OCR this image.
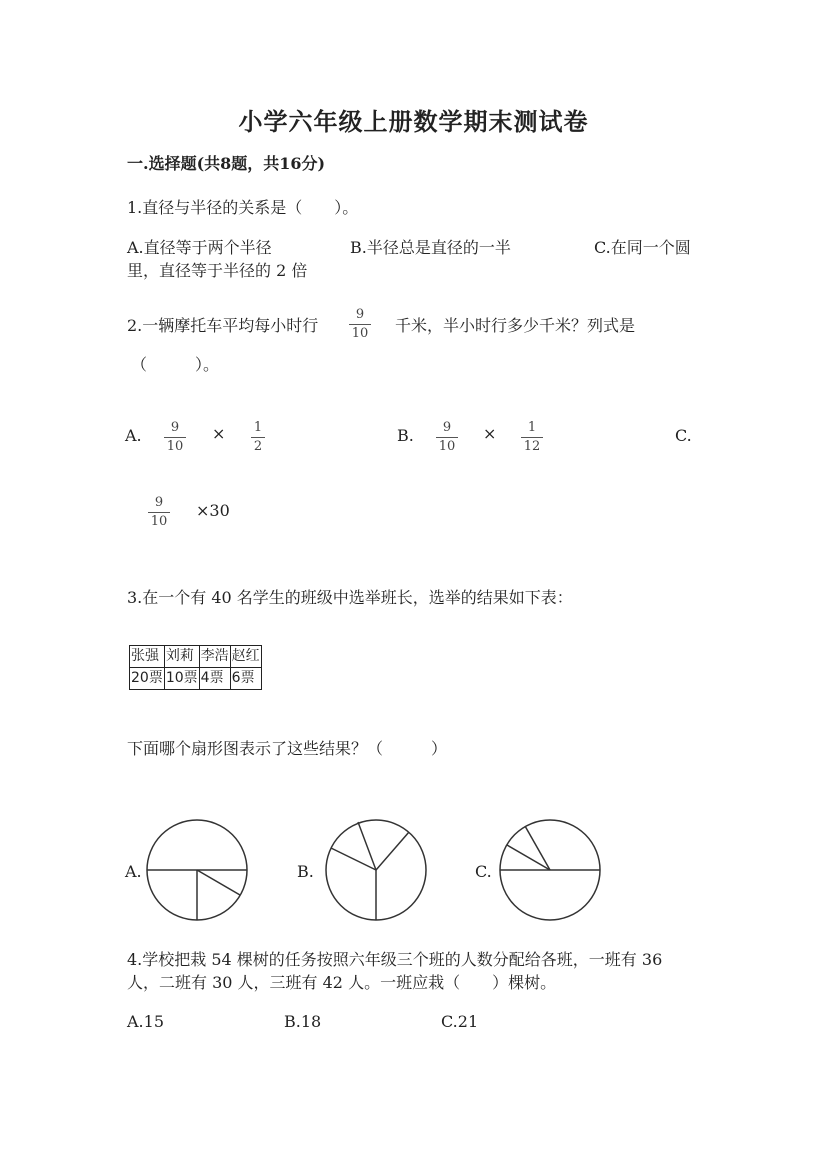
小学六年级上册数学期末测试卷
一.选择题(共8题，共16分)
1.直径与半径的关系是（　　）。
A.直径等于两个半径	B.半径总是直径的一半	C.在同一个圆
里，直径等于半径的 2 倍
2.一辆摩托车平均每小时行
9
10 千米，半小时行多少千米？列式是
（　　　）。
A.	9
10
× 1
2
B.	9
10
×	1
12
C.
9
10
×30
3.在一个有 40 名学生的班级中选举班长，选举的结果如下表：
张强	刘莉	李浩	赵红
20票	10票	4票	6票
下面哪个扇形图表示了这些结果？（　　　）
A.	B.	C.
4.学校把栽 54 棵树的任务按照六年级三个班的人数分配给各班，一班有 36
人，二班有 30 人，三班有 42 人。一班应栽（　　）棵树。
A.15	B.18	C.21
